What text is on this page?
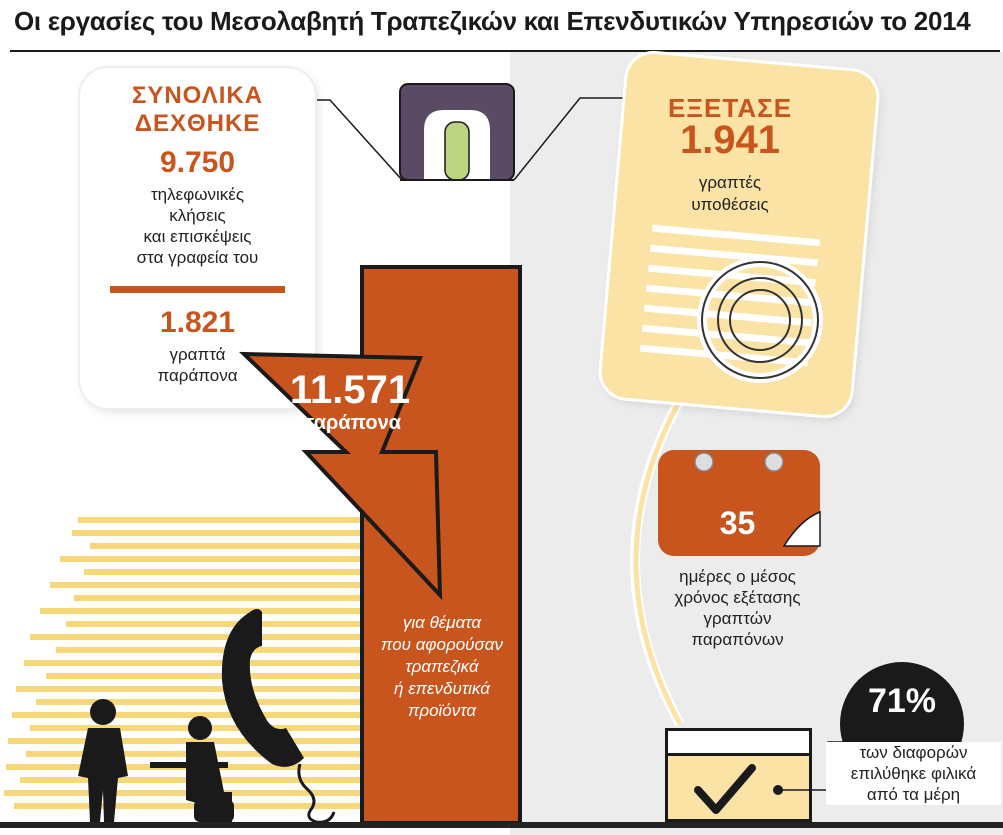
Οι εργασίες του Μεσολαβητή Τραπεζικών και Επενδυτικών Υπηρεσιών το 2014
ΣΥΝΟΛΙΚΑ
ΔΕΧΘΗΚΕ
9.750
τηλεφωνικές
κλήσεις
και επισκέψεις
στα γραφεία του
1.821
γραπτά
παράπονα
ΕΞΕΤΑΣΕ
1.941
γραπτές
υποθέσεις
11.571
παράπονα
για θέματα
που αφορούσαν
τραπεζικά
ή επενδυτικά
προϊόντα
35
ημέρες ο μέσος
χρόνος εξέτασης
γραπτών
παραπόνων
71%
των διαφορών
επιλύθηκε φιλικά
από τα μέρη
